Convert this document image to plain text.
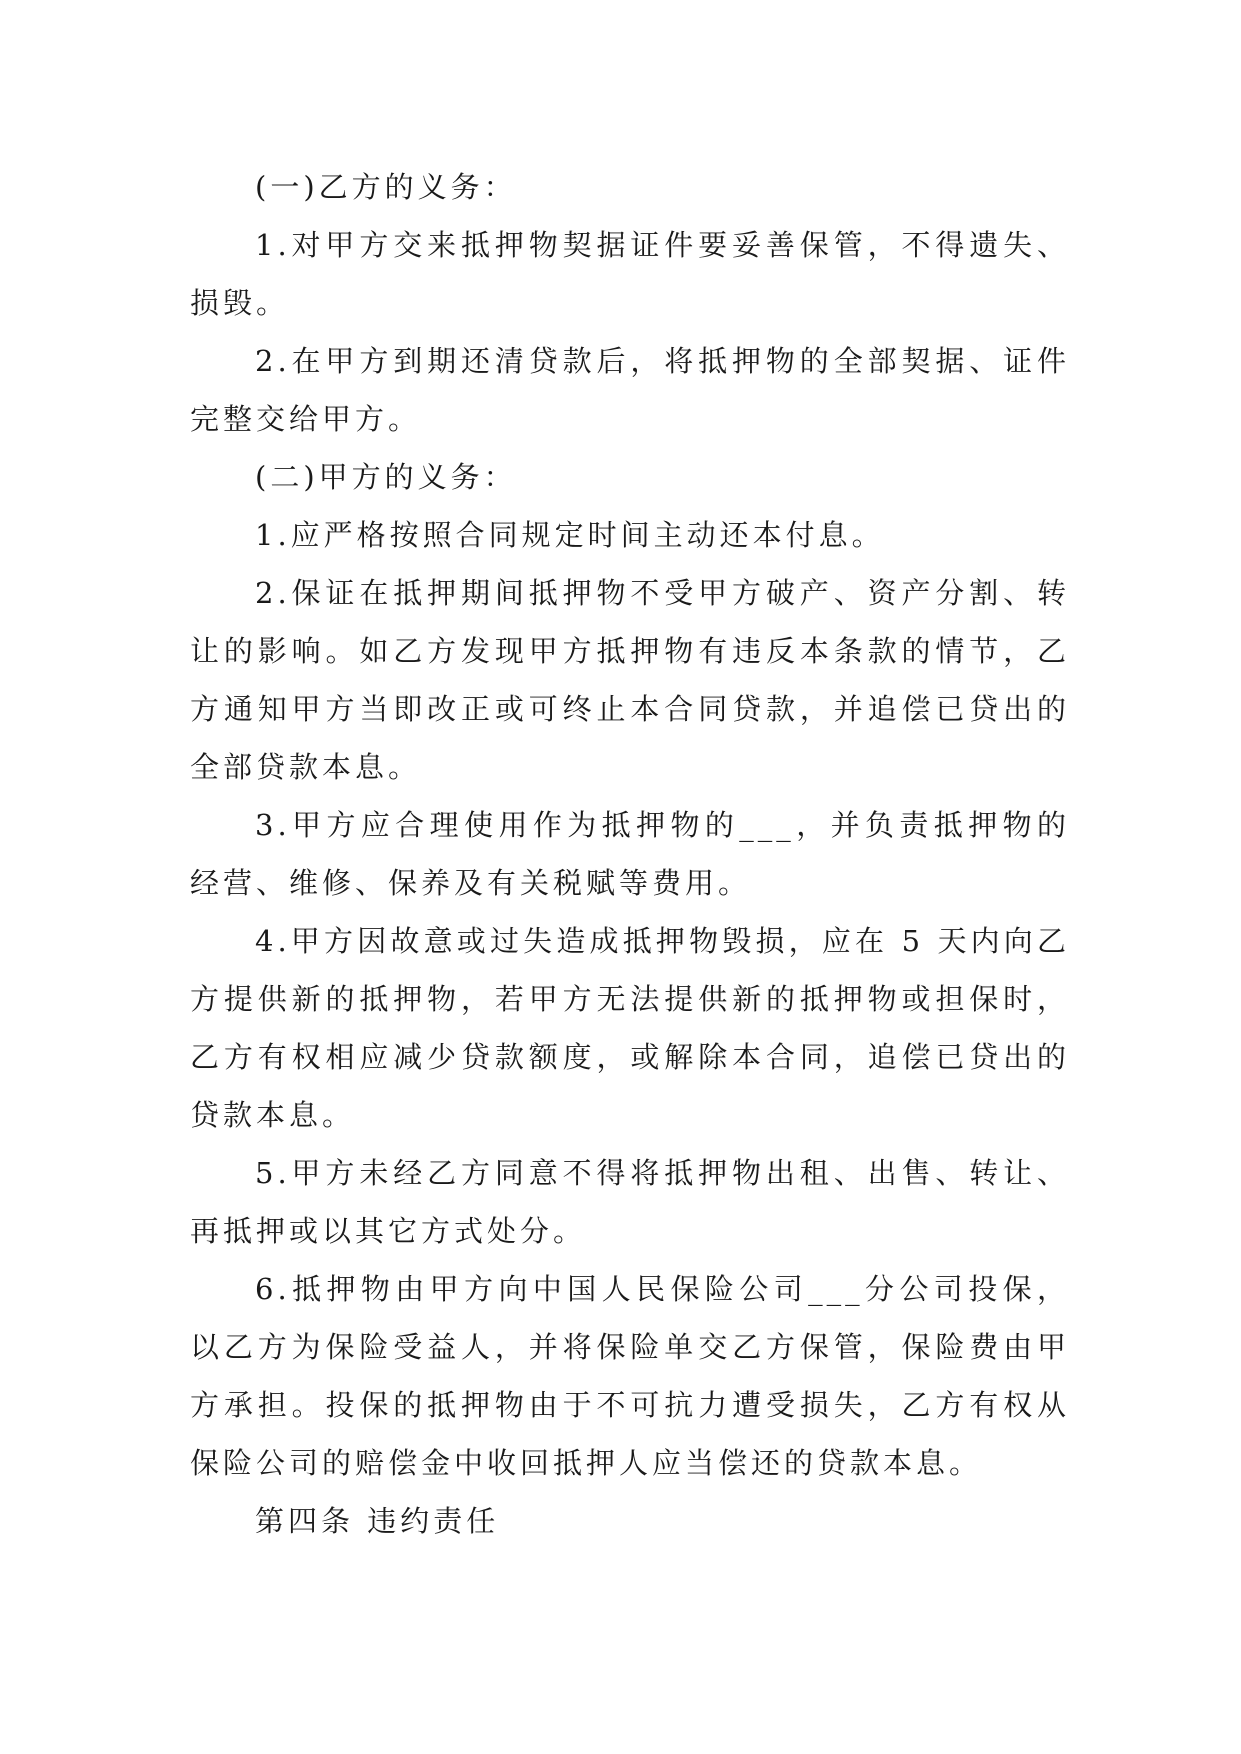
(一)乙方的义务：

1.对甲方交来抵押物契据证件要妥善保管，不得遗失、损毁。

2.在甲方到期还清贷款后，将抵押物的全部契据、证件完整交给甲方。

(二)甲方的义务：

1.应严格按照合同规定时间主动还本付息。

2.保证在抵押期间抵押物不受甲方破产、资产分割、转让的影响。如乙方发现甲方抵押物有违反本条款的情节，乙方通知甲方当即改正或可终止本合同贷款，并追偿已贷出的全部贷款本息。

3.甲方应合理使用作为抵押物的___，并负责抵押物的经营、维修、保养及有关税赋等费用。

4.甲方因故意或过失造成抵押物毁损，应在 5 天内向乙方提供新的抵押物，若甲方无法提供新的抵押物或担保时，乙方有权相应减少贷款额度，或解除本合同，追偿已贷出的贷款本息。

5.甲方未经乙方同意不得将抵押物出租、出售、转让、再抵押或以其它方式处分。

6.抵押物由甲方向中国人民保险公司___分公司投保，以乙方为保险受益人，并将保险单交乙方保管，保险费由甲方承担。投保的抵押物由于不可抗力遭受损失，乙方有权从保险公司的赔偿金中收回抵押人应当偿还的贷款本息。

第四条 违约责任
